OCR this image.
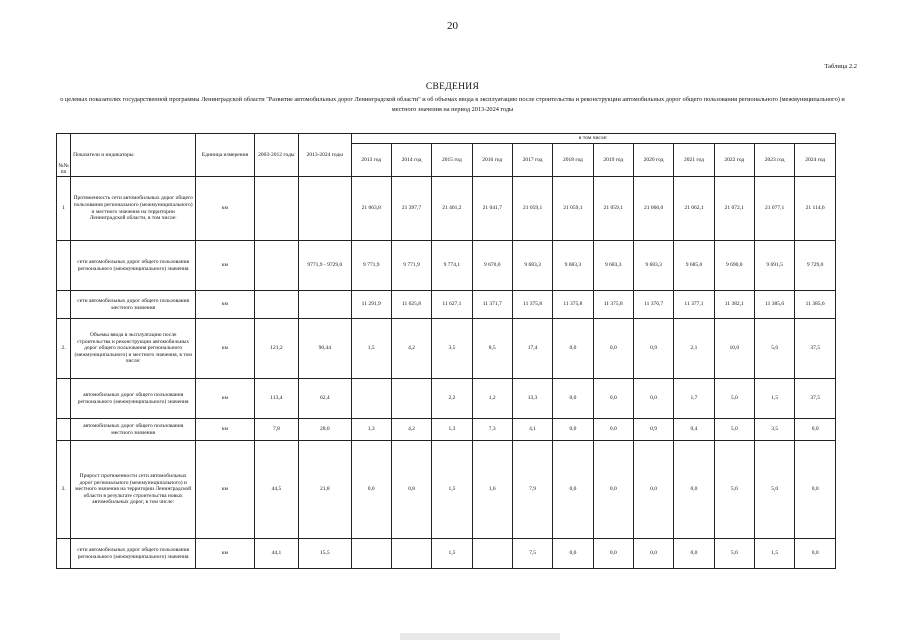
20
Таблица 2.2
СВЕДЕНИЯ
о целевых показателях государственной программы Ленинградской области "Развитие автомобильных дорог Ленинградской области" и об объемах ввода в эксплуатацию после строительства и реконструкции автомобильных дорог общего пользования регионального (межмуниципального) и местного значения на период 2013-2024 годы
№№ пп	Показатели и индикаторы	Единица измерения	2003-2012 годы	2013-2024 годы	в том числе:											
					2013 год	2014 год	2015 год	2016 год	2017 год	2018 год	2019 год	2020 год	2021 год	2022 год	2023 год	2024 год
1	Протяженность сети автомобильных дорог общего пользования регионального (межмуниципального) и местного значения на территории Ленинградской области, в том числе:	км			21 063,8	21 397,7	21 401,2	21 041,7	21 059,1	21 059,1	21 059,1	21 060,0	21 062,1	21 072,1	21 077,1	21 114,6
	сети автомобильных дорог общего пользования регионального (межмуниципального) значения	км		9771,9 - 9729,0	9 771,9	9 771,9	9 774,1	9 670,0	9 683,3	9 683,3	9 683,3	9 683,3	9 685,0	9 690,0	9 691,5	9 729,0
	сети автомобильных дорог общего пользования местного значения	км			11 291,9	11 625,8	11 627,1	11 371,7	11 375,8	11 375,8	11 375,8	11 376,7	11 377,1	11 382,1	11 385,6	11 385,6
2.	Объемы ввода в эксплуатацию после строительства и реконструкции автомобильных дорог общего пользования регионального (межмуниципального) и местного значения, в том числе:	км	121,2	90,44	1,5	4,2	3,5	8,5	17,4	0,0	0,0	0,9	2,1	10,0	5,0	37,5
	автомобильных дорог общего пользования регионального (межмуниципального) значения	км	113,4	62,4			2,2	1,2	13,3	0,0	0,0	0,0	1,7	5,0	1,5	37,5
	автомобильных дорог общего пользования местного значения	км	7,8	28,0	1,3	4,2	1,3	7,3	4,1	0,0	0,0	0,9	0,4	5,0	3,5	0,0
3.	Прирост протяженности сети автомобильных дорог регионального (межмуниципального) и местного значения на территории Ленинградской области в результате строительства новых автомобильных дорог, в том числе:	км	44,5	21,8	0,0	0,8	1,5	1,6	7,9	0,0	0,0	0,0	0,0	5,0	5,0	0,0
	сети автомобильных дорог общего пользования регионального (межмуниципального) значения	км	44,1	15,5			1,5		7,5	0,0	0,0	0,0	0,0	5,0	1,5	0,0
